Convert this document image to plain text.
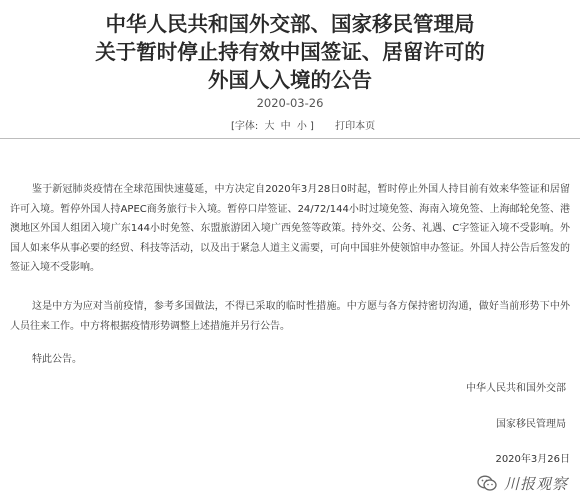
中华人民共和国外交部、国家移民管理局
关于暂时停止持有效中国签证、居留许可的
外国人入境的公告
2020-03-26
[字体: 大 中 小 ] 打印本页

鉴于新冠肺炎疫情在全球范围快速蔓延，中方决定自2020年3月28日0时起，暂时停止外国人持目前有效来华签证和居留许可入境。暂停外国人持APEC商务旅行卡入境。暂停口岸签证、24/72/144小时过境免签、海南入境免签、上海邮轮免签、港澳地区外国人组团入境广东144小时免签、东盟旅游团入境广西免签等政策。持外交、公务、礼遇、C字签证入境不受影响。外国人如来华从事必要的经贸、科技等活动，以及出于紧急人道主义需要，可向中国驻外使领馆申办签证。外国人持公告后签发的签证入境不受影响。

这是中方为应对当前疫情，参考多国做法，不得已采取的临时性措施。中方愿与各方保持密切沟通，做好当前形势下中外人员往来工作。中方将根据疫情形势调整上述措施并另行公告。

特此公告。

中华人民共和国外交部
国家移民管理局
2020年3月26日
川报观察
